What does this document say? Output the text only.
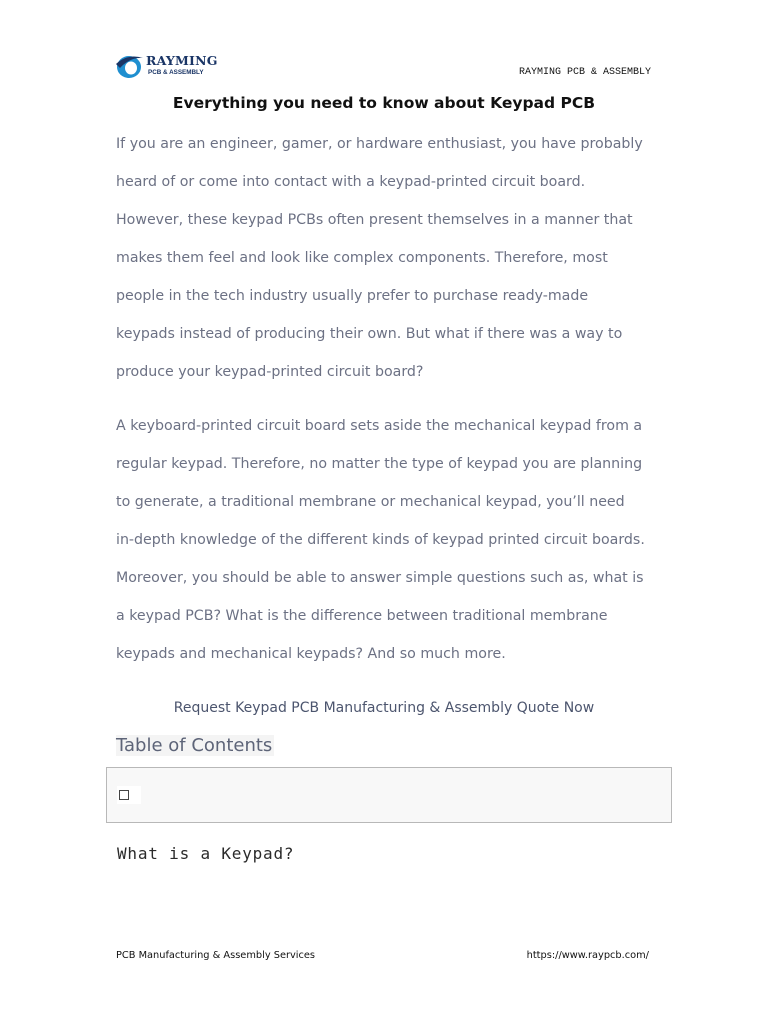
RAYMING
PCB & ASSEMBLY	RAYMING PCB & ASSEMBLY
Everything you need to know about Keypad PCB

If you are an engineer, gamer, or hardware enthusiast, you have probably
heard of or come into contact with a keypad-printed circuit board.
However, these keypad PCBs often present themselves in a manner that
makes them feel and look like complex components. Therefore, most
people in the tech industry usually prefer to purchase ready-made
keypads instead of producing their own. But what if there was a way to
produce your keypad-printed circuit board?

A keyboard-printed circuit board sets aside the mechanical keypad from a
regular keypad. Therefore, no matter the type of keypad you are planning
to generate, a traditional membrane or mechanical keypad, you’ll need
in-depth knowledge of the different kinds of keypad printed circuit boards.
Moreover, you should be able to answer simple questions such as, what is
a keypad PCB? What is the difference between traditional membrane
keypads and mechanical keypads? And so much more.

Request Keypad PCB Manufacturing & Assembly Quote Now
Table of Contents
What is a Keypad?
PCB Manufacturing & Assembly Services	https://www.raypcb.com/
